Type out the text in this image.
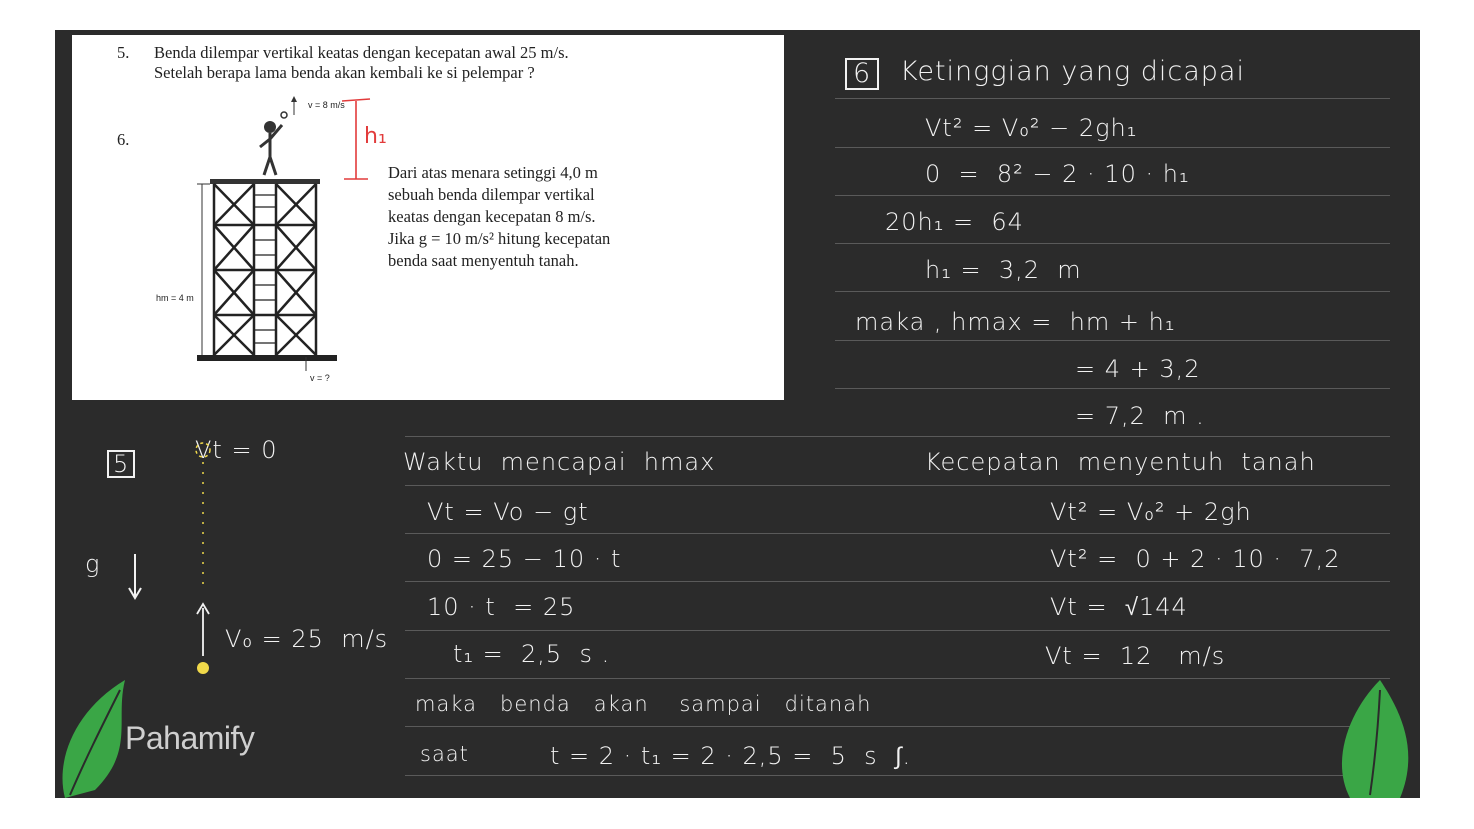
5. Benda dilempar vertikal keatas dengan kecepatan awal 25 m/s.
Setelah berapa lama benda akan kembali ke si pelempar ?
6.
Dari atas menara setinggi 4,0 m
sebuah benda dilempar vertikal
keatas dengan kecepatan 8 m/s.
Jika g = 10 m/s² hitung kecepatan
benda saat menyentuh tanah.
v = 8 m/s
hm = 4 m
v = ?
h₁
6 Ketinggian yang dicapai
Vt² = V₀² − 2gh₁
0  =  8² − 2 · 10 · h₁
20h₁ =  64
h₁ =  3,2  m
maka , hmax =  hm + h₁
= 4 + 3,2
= 7,2  m .
5	Vt = 0
g
V₀ = 25  m/s
Waktu  mencapai  hmax
Vt = Vo − gt
0 = 25 − 10 · t
10 · t  = 25
t₁ =  2,5  s .
maka   benda   akan    sampai   ditanah
saat	t = 2 · t₁ = 2 · 2,5 =  5  s  ∫.
Kecepatan  menyentuh  tanah
Vt² = V₀² + 2gh
Vt² =  0 + 2 · 10 ·  7,2
Vt =  √144
Vt =  12   m/s
Pahamify
